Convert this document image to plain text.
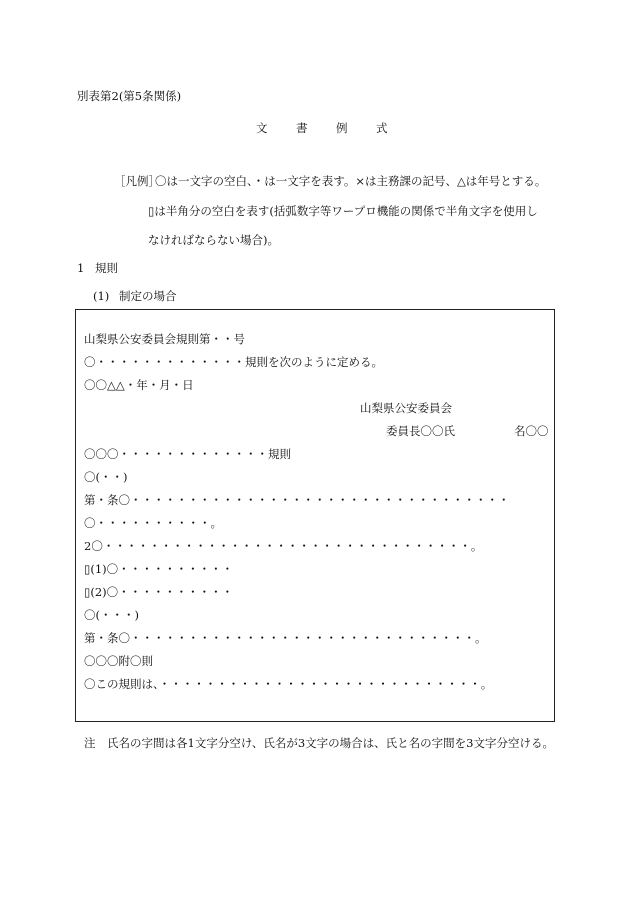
別表第2(第5条関係)
文 書 例 式
［凡例］
〇は一文字の空白、・は一文字を表す。×は主務課の記号、△は年号とする。
▯は半角分の空白を表す(括弧数字等ワープロ機能の関係で半角文字を使用し
なければならない場合)。
1 規則
(1) 制定の場合
山梨県公安委員会規則第・・号
〇・・・・・・・・・・・・・規則を次のように定める。
〇〇△△・年・月・日
山梨県公安委員会
委員長〇〇氏	名〇〇
〇〇〇・・・・・・・・・・・・・規則
〇(・・)
第・条〇・・・・・・・・・・・・・・・・・・・・・・・・・・・・・・・・・
〇・・・・・・・・・・。
2〇・・・・・・・・・・・・・・・・・・・・・・・・・・・・・・・・。
▯(1)〇・・・・・・・・・・
▯(2)〇・・・・・・・・・・
〇(・・・)
第・条〇・・・・・・・・・・・・・・・・・・・・・・・・・・・・・・。
〇〇〇附〇則
〇この規則は、・・・・・・・・・・・・・・・・・・・・・・・・・・・・。
注　氏名の字間は各1文字分空け、氏名が3文字の場合は、氏と名の字間を3文字分空ける。
